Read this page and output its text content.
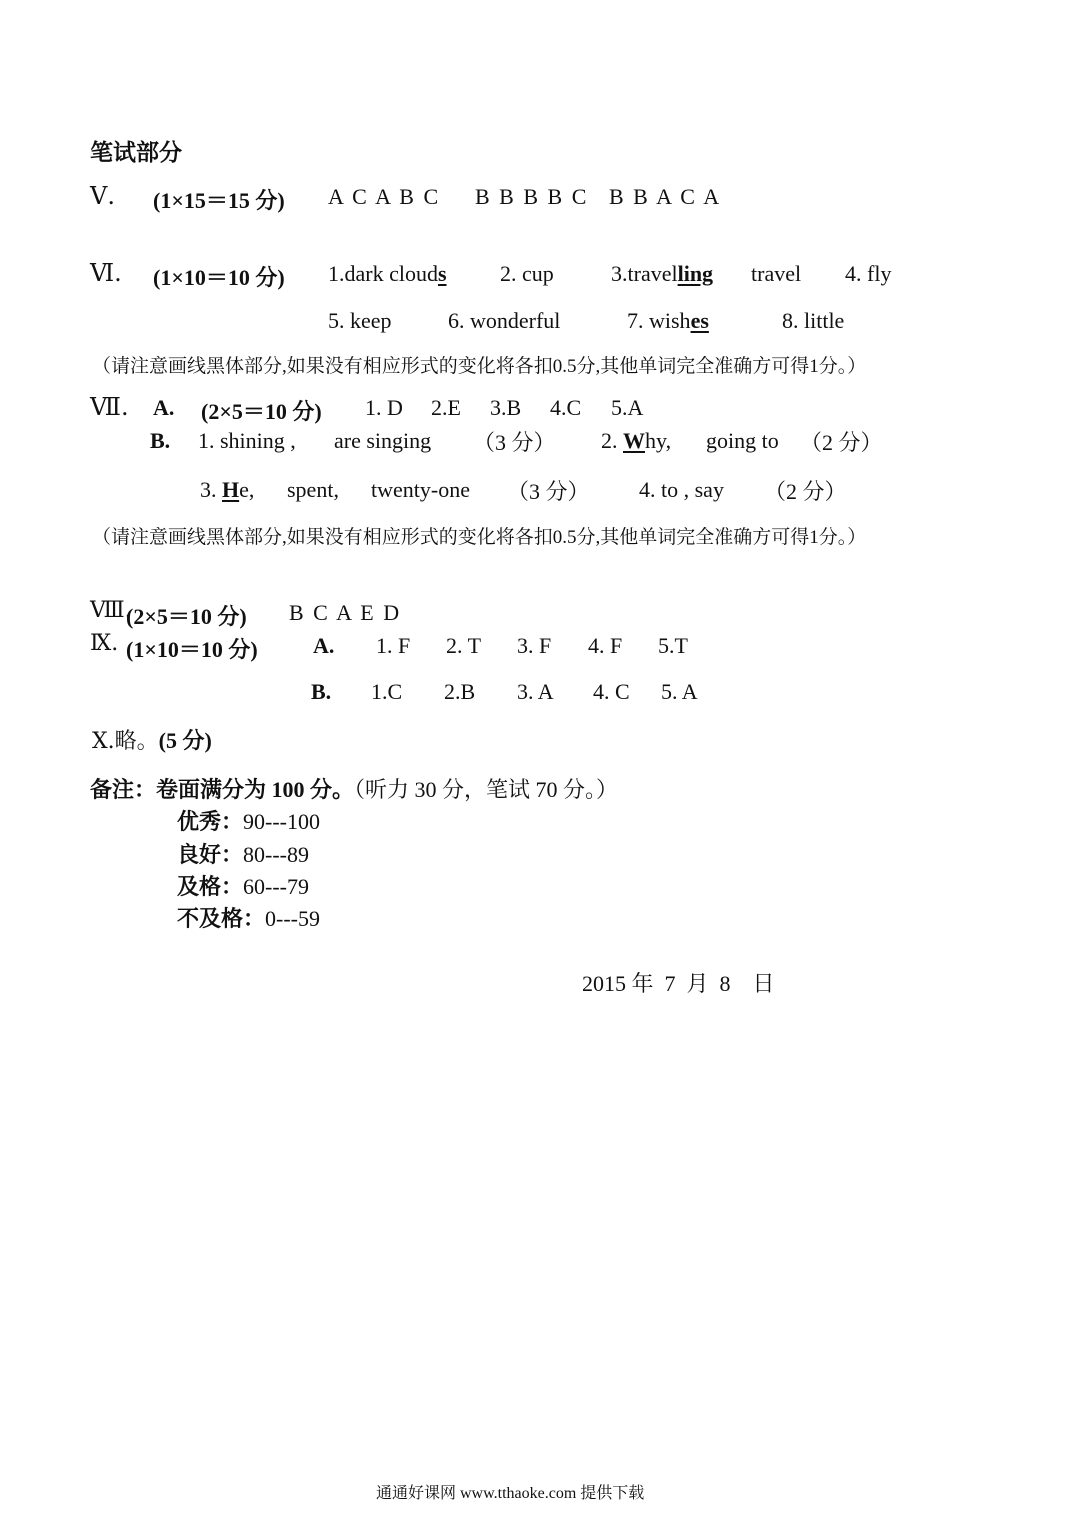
笔试部分
Ⅴ. (1×15＝15 分) A C A B C B B B B C B B A C A
Ⅵ. (1×10＝10 分) 1.dark clouds 2. cup	3.travelling travel 4. fly
5. keep	6. wonderful	7. wishes	8. little
（请注意画线黑体部分,如果没有相应形式的变化将各扣0.5分,其他单词完全准确方可得1分。）
Ⅶ. A. (2×5＝10 分) 1. D 2.E 3.B 4.C 5.A
B. 1. shining , are singing （3 分） 2. Why, going to （2 分）
3. He, spent, twenty-one （3 分） 4. to , say （2 分）
（请注意画线黑体部分,如果没有相应形式的变化将各扣0.5分,其他单词完全准确方可得1分。）
Ⅷ.
(2×5＝10 分) B C A E D
Ⅸ. (1×10＝10 分)	A. 1. F 2. T 3. F 4. F 5.T
B. 1.C 2.B 3. A 4. C 5. A
Ⅹ.略。(5 分)
备注：卷面满分为 100 分。（听力 30 分，笔试 70 分。）
优秀：90---100
良好：80---89
及格：60---79
不及格：0---59
2015 年  7  月  8    日
通通好课网 www.tthaoke.com 提供下载
